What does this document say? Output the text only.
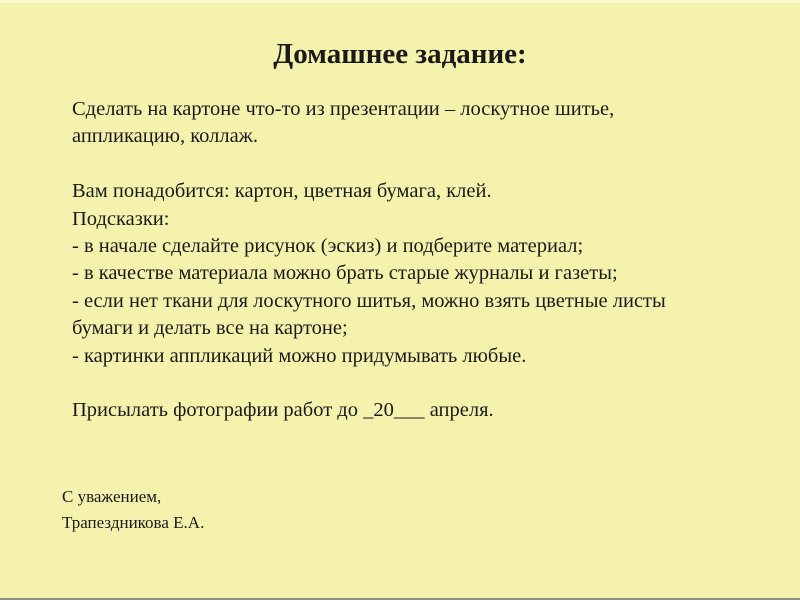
Домашнее задание:
Сделать на картоне что-то из презентации – лоскутное шитье,
аппликацию, коллаж.
Вам понадобится: картон, цветная бумага, клей.
Подсказки:
- в начале сделайте рисунок (эскиз) и подберите материал;
- в качестве материала можно брать старые журналы и газеты;
- если нет ткани для лоскутного шитья, можно взять цветные листы
бумаги и делать все на картоне;
- картинки аппликаций можно придумывать любые.
Присылать фотографии работ до _20___ апреля.
С уважением,
Трапездникова Е.А.
